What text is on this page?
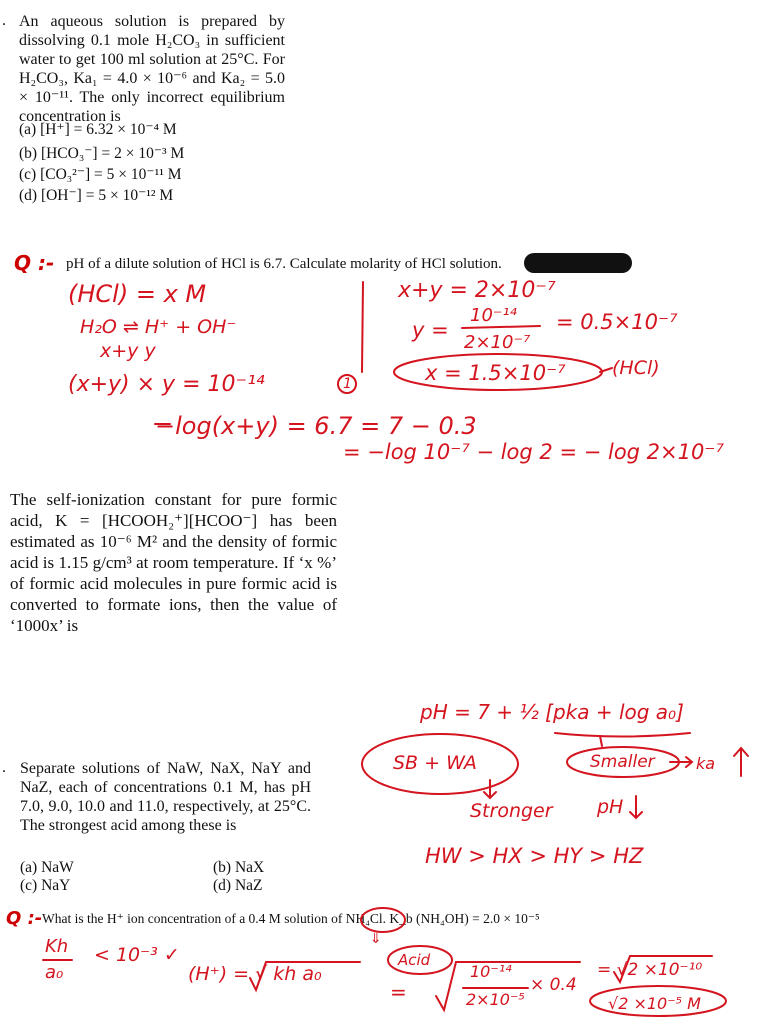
. An aqueous solution is prepared by dissolving 0.1 mole H₂CO₃ in sufficient water to get 100 ml solution at 25°C. For H₂CO₃, Ka₁ = 4.0 × 10⁻⁶ and Ka₂ = 5.0 × 10⁻¹¹. The only incorrect equilibrium concentration is
(a) [H⁺] = 6.32 × 10⁻⁴ M
(b) [HCO₃⁻] = 2 × 10⁻³ M
(c) [CO₃²⁻] = 5 × 10⁻¹¹ M
(d) [OH⁻] = 5 × 10⁻¹² M
Q :- pH of a dilute solution of HCl is 6.7. Calculate molarity of HCl solution.
(HCl) = x M
H₂O ⇌ H⁺ + OH⁻
x+y y
(x+y) × y = 10⁻¹⁴	1
−log(x+y) = 6.7 = 7 − 0.3
= −log 10⁻⁷ − log 2 = − log 2×10⁻⁷
x+y = 2×10⁻⁷
y =
10⁻¹⁴
2×10⁻⁷
= 0.5×10⁻⁷
x = 1.5×10⁻⁷ (HCl)
The self-ionization constant for pure formic acid, K = [HCOOH₂⁺][HCOO⁻] has been estimated as 10⁻⁶ M² and the density of formic acid is 1.15 g/cm³ at room temperature. If ‘x %’ of formic acid molecules in pure formic acid is converted to formate ions, then the value of ‘1000x’ is
pH = 7 + ½ [pka + log a₀]
SB + WA	Smaller	ka
Stronger pH
HW > HX > HY > HZ
. Separate solutions of NaW, NaX, NaY and NaZ, each of concentrations 0.1 M, has pH 7.0, 9.0, 10.0 and 11.0, respectively, at 25°C. The strongest acid among these is
(a) NaW	(b) NaX
(c) NaY	(d) NaZ
Q :- What is the H⁺ ion concentration of a 0.4 M solution of NH₄Cl. K_b (NH₄OH) = 2.0 × 10⁻⁵
⇓
Acid
Kh
a₀
< 10⁻³ ✓
(H⁺) = √ kh a₀
=
10⁻¹⁴
2×10⁻⁵
× 0.4
= √2 ×10⁻¹⁰
√2 ×10⁻⁵ M
